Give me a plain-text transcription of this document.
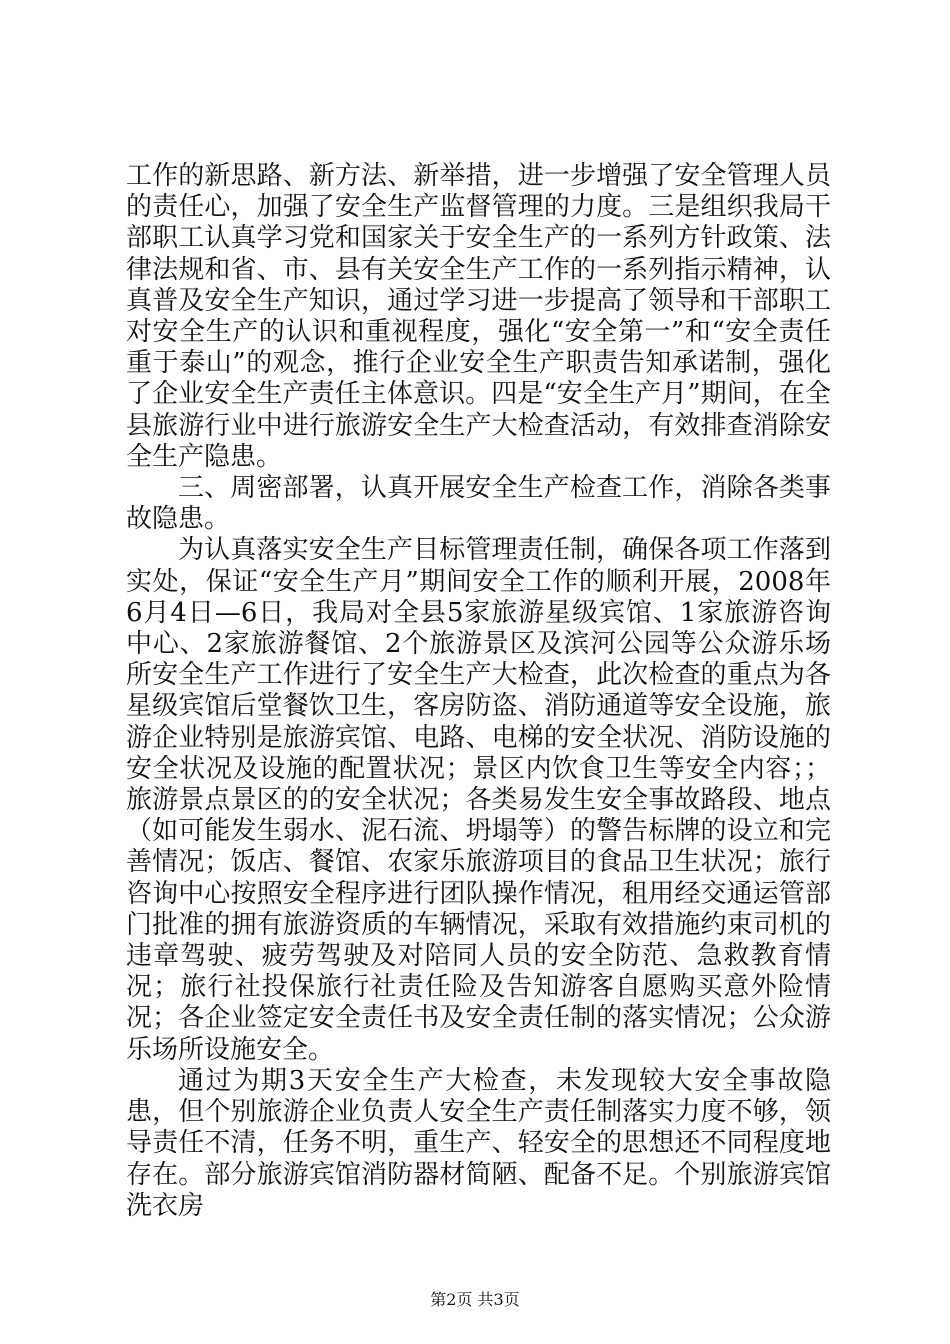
工作的新思路、新方法、新举措，进一步增强了安全管理人员的责任心，加强了安全生产监督管理的力度。三是组织我局干部职工认真学习党和国家关于安全生产的一系列方针政策、法律法规和省、市、县有关安全生产工作的一系列指示精神，认真普及安全生产知识，通过学习进一步提高了领导和干部职工对安全生产的认识和重视程度，强化“安全第一”和“安全责任重于泰山”的观念，推行企业安全生产职责告知承诺制，强化了企业安全生产责任主体意识。四是“安全生产月”期间，在全县旅游行业中进行旅游安全生产大检查活动，有效排查消除安全生产隐患。

三、周密部署，认真开展安全生产检查工作，消除各类事故隐患。

为认真落实安全生产目标管理责任制，确保各项工作落到实处，保证“安全生产月”期间安全工作的顺利开展，2008年6月4日—6日，我局对全县5家旅游星级宾馆、1家旅游咨询中心、2家旅游餐馆、2个旅游景区及滨河公园等公众游乐场所安全生产工作进行了安全生产大检查，此次检查的重点为各星级宾馆后堂餐饮卫生，客房防盗、消防通道等安全设施，旅游企业特别是旅游宾馆、电路、电梯的安全状况、消防设施的安全状况及设施的配置状况；景区内饮食卫生等安全内容；；旅游景点景区的的安全状况；各类易发生安全事故路段、地点（如可能发生弱水、泥石流、坍塌等）的警告标牌的设立和完善情况；饭店、餐馆、农家乐旅游项目的食品卫生状况；旅行咨询中心按照安全程序进行团队操作情况，租用经交通运管部门批准的拥有旅游资质的车辆情况，采取有效措施约束司机的违章驾驶、疲劳驾驶及对陪同人员的安全防范、急救教育情况；旅行社投保旅行社责任险及告知游客自愿购买意外险情况；各企业签定安全责任书及安全责任制的落实情况；公众游乐场所设施安全。

通过为期3天安全生产大检查，未发现较大安全事故隐患，但个别旅游企业负责人安全生产责任制落实力度不够，领导责任不清，任务不明，重生产、轻安全的思想还不同程度地存在。部分旅游宾馆消防器材简陋、配备不足。个别旅游宾馆洗衣房

第2页 共3页
